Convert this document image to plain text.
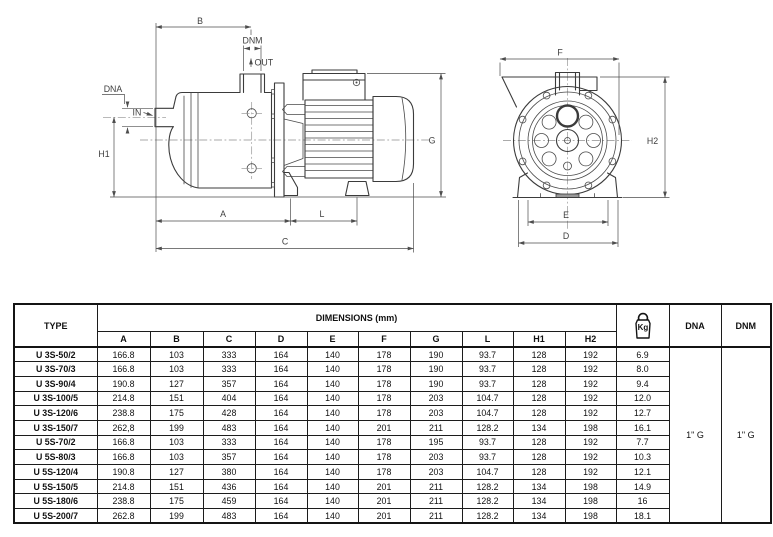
B
DNM
OUT
DNA
IN
H1
G
A	L
C
F
H2
E
D
TYPE	DIMENSIONS (mm)										Kg	DNA	DNM
	A	B	C	D	E	F	G	L	H1	H2			
U 3S-50/2	166.8	103	333	164	140	178	190	93.7	128	192	6.9	1" G	1" G
U 3S-70/3	166.8	103	333	164	140	178	190	93.7	128	192	8.0		
U 3S-90/4	190.8	127	357	164	140	178	190	93.7	128	192	9.4		
U 3S-100/5	214.8	151	404	164	140	178	203	104.7	128	192	12.0		
U 3S-120/6	238.8	175	428	164	140	178	203	104.7	128	192	12.7		
U 3S-150/7	262,8	199	483	164	140	201	211	128.2	134	198	16.1		
U 5S-70/2	166.8	103	333	164	140	178	195	93.7	128	192	7.7		
U 5S-80/3	166.8	103	357	164	140	178	203	93.7	128	192	10.3		
U 5S-120/4	190.8	127	380	164	140	178	203	104.7	128	192	12.1		
U 5S-150/5	214.8	151	436	164	140	201	211	128.2	134	198	14.9		
U 5S-180/6	238.8	175	459	164	140	201	211	128.2	134	198	16		
U 5S-200/7	262.8	199	483	164	140	201	211	128.2	134	198	18.1		
